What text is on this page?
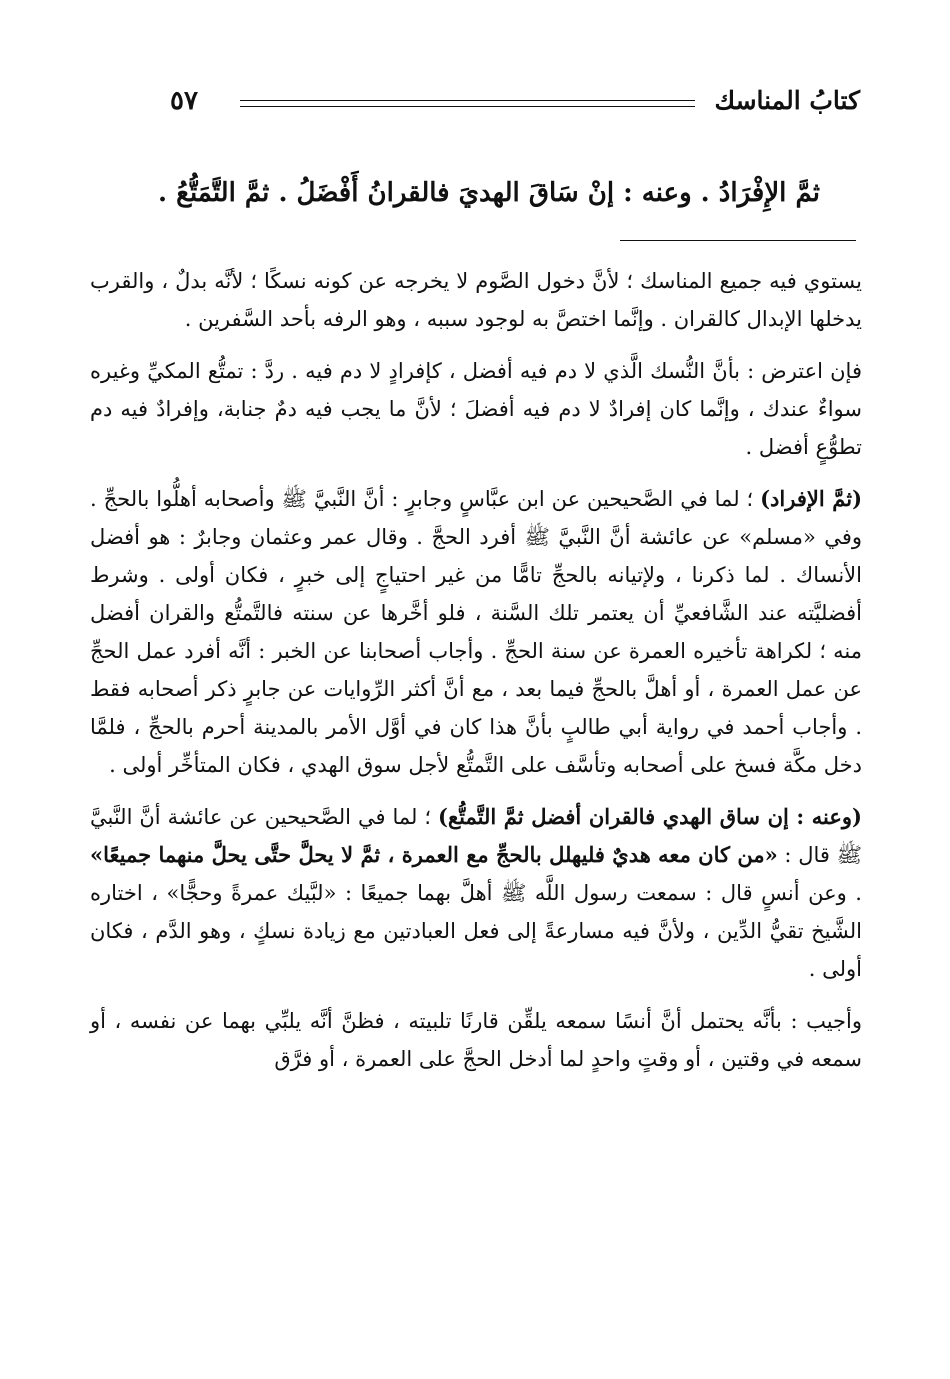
كتابُ المناسك
٥٧
ثمَّ الإِفْرَادُ . وعنه : إنْ سَاقَ الهديَ فالقرانُ أَفْضَلُ . ثمَّ التَّمَتُّعُ .

يستوي فيه جميع المناسك ؛ لأنَّ دخول الصَّوم لا يخرجه عن كونه نسكًا ؛ لأنَّه بدلٌ ، والقرب يدخلها الإبدال كالقران . وإنَّما اختصَّ به لوجود سببه ، وهو الرفه بأحد السَّفرين .

فإن اعترض : بأنَّ النُّسك الَّذي لا دم فيه أفضل ، كإفرادٍ لا دم فيه . ردَّ : تمتُّع المكيِّ وغيره سواءٌ عندك ، وإنَّما كان إفرادٌ لا دم فيه أفضلَ ؛ لأنَّ ما يجب فيه دمٌ جنابة، وإفرادٌ فيه دم تطوُّعٍ أفضل .

(ثمَّ الإفراد) ؛ لما في الصَّحيحين عن ابن عبَّاسٍ وجابرٍ : أنَّ النَّبيَّ ﷺ وأصحابه أهلُّوا بالحجِّ . وفي «مسلم» عن عائشة أنَّ النَّبيَّ ﷺ أفرد الحجَّ . وقال عمر وعثمان وجابرٌ : هو أفضل الأنساك . لما ذكرنا ، ولإتيانه بالحجِّ تامًّا من غير احتياجٍ إلى خبرٍ ، فكان أولى . وشرط أفضليَّته عند الشَّافعيِّ أن يعتمر تلك السَّنة ، فلو أخَّرها عن سنته فالتَّمتُّع والقران أفضل منه ؛ لكراهة تأخيره العمرة عن سنة الحجِّ . وأجاب أصحابنا عن الخبر : أنَّه أفرد عمل الحجِّ عن عمل العمرة ، أو أهلَّ بالحجِّ فيما بعد ، مع أنَّ أكثر الرِّوايات عن جابرٍ ذكر أصحابه فقط . وأجاب أحمد في رواية أبي طالبٍ بأنَّ هذا كان في أوَّل الأمر بالمدينة أحرم بالحجِّ ، فلمَّا دخل مكَّة فسخ على أصحابه وتأسَّف على التَّمتُّع لأجل سوق الهدي ، فكان المتأخِّر أولى .

(وعنه : إن ساق الهدي فالقران أفضل ثمَّ التَّمتُّع) ؛ لما في الصَّحيحين عن عائشة أنَّ النَّبيَّ ﷺ قال : «من كان معه هديٌ فليهلل بالحجِّ مع العمرة ، ثمَّ لا يحلَّ حتَّى يحلَّ منهما جميعًا» . وعن أنسٍ قال : سمعت رسول اللَّه ﷺ أهلَّ بهما جميعًا : «لبَّيك عمرةً وحجًّا» ، اختاره الشَّيخ تقيُّ الدِّين ، ولأنَّ فيه مسارعةً إلى فعل العبادتين مع زيادة نسكٍ ، وهو الدَّم ، فكان أولى .

وأجيب : بأنَّه يحتمل أنَّ أنسًا سمعه يلقِّن قارنًا تلبيته ، فظنَّ أنَّه يلبِّي بهما عن نفسه ، أو سمعه في وقتين ، أو وقتٍ واحدٍ لما أدخل الحجَّ على العمرة ، أو فرَّق
